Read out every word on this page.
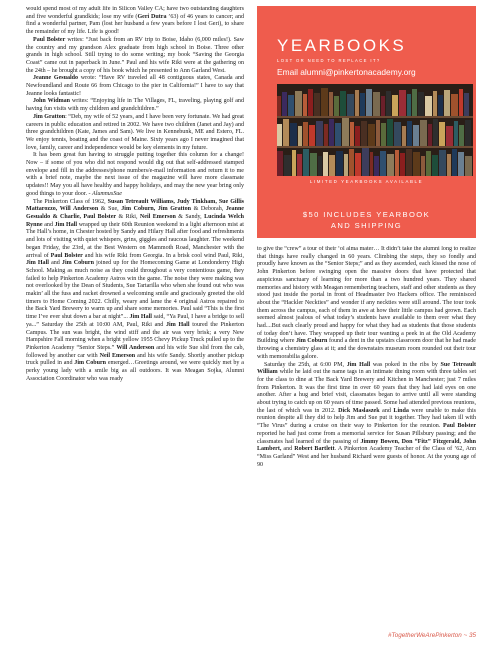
would spend most of my adult life in Silicon Valley CA; have two outstanding daughters and five wonderful grandkids; lose my wife (Geri Dutra ’63) of 46 years to cancer; and find a wonderful partner, Pam (lost her husband a few years before I lost Geri), to share the remainder of my life. Life is good!

Paul Bolster writes: “Just back from an RV trip to Boise, Idaho (6,000 miles!). Saw the country and my grandson Alex graduate from high school in Boise. Three other grands in high school. Still trying to do some writing; my book “Saving the Georgia Coast” came out in paperback in June.” Paul and his wife Riki were at the gathering on the 24th – he brought a copy of his book which he presented to Ann Garland West.

Jeanne Gesualdo wrote: “Have RV traveled all 48 contiguous states, Canada and Newfoundland and Route 66 from Chicago to the pier in California!” I have to say that Jeanne looks fantastic!

John Widman writes: “Enjoying life in The Villages, FL, traveling, playing golf and having fun visits with my children and grandchildren.”

Jim Gratton: “Deb, my wife of 52 years, and I have been very fortunate. We had great careers in public education and retired in 2002. We have two children (Janet and Jay) and three grandchildren (Kate, James and Sam). We live in Kennebunk, ME and Estero, FL. We enjoy tennis, boating and the coast of Maine. Sixty years ago I never imagined that love, family, career and independence would be key elements in my future.

It has been great fun having to struggle putting together this column for a change! Now – if some of you who did not respond would dig out that self-addressed stamped envelope and fill in the addresses/phone numbers/e-mail information and return it to me with a brief note, maybe the next issue of the magazine will have more classmate updates!! May you all have healthy and happy holidays, and may the new year bring only good things to your door. - AlumnusSue

The Pinkerton Class of 1962, Susan Tetreault Williams, Judy Tinkham, Sue Gillis Mattarozzo, Will Anderson & Sue, Jim Coburn, Jim Gratton & Deborah, Jeanne Gesualdo & Charlie, Paul Bolster & Riki, Neil Emerson & Sandy, Lucinda Welch Rynne and Jim Hall wrapped up their 60th Reunion weekend in a light afternoon mist at The Hall’s home, in Chester hosted by Sandy and Hilary Hall after food and refreshments and lots of visiting with quiet whispers, grins, giggles and raucous laughter. The weekend began Friday, the 23rd, at the Best Western on Mammoth Road, Manchester with the arrival of Paul Bolster and his wife Riki from Georgia. In a brisk cool wind Paul, Riki, Jim Hall and Jim Coburn joined up for the Homecoming Game at Londonderry High School. Making as much noise as they could throughout a very contentious game, they failed to help Pinkerton Academy Astros win the game. The noise they were making was not overlooked by the Dean of Students, Sue Tartarilla who when she found out who was makin’ all the fuss and racket drowned a welcoming smile and graciously greeted the old timers to Home Coming 2022. Chilly, weary and lame the 4 original Astros repaired to the Back Yard Brewery to warm up and share some memories. Paul said “This is the first time I’ve ever shut down a bar at night”... Jim Hall said, “Ya Paul, I have a bridge to sell ya...” Saturday the 25th at 10:00 AM, Paul, Riki and Jim Hall toured the Pinkerton Campus. The sun was bright, the wind stiff and the air was very brisk; a very New Hampshire Fall morning when a bright yellow 1955 Chevy Pickup Truck pulled up to the Pinkerton Academy “Senior Steps.” Will Anderson and his wife Sue slid from the cab, followed by another car with Neil Emerson and his wife Sandy. Shortly another pickup truck pulled in and Jim Coburn emerged…Greetings around, we were quickly met by a perky young lady with a smile big as all outdoors. It was Meagan Sojka, Alumni Association Coordinator who was ready

YEARBOOKS
LOST OR NEED TO REPLACE IT?
Email alumni@pinkertonacademy.org
LIMITED YEARBOOKS AVAILABLE
$50 INCLUDES YEARBOOK
AND SHIPPING

to give the “crew” a tour of their ‘ol alma mater… It didn’t take the alumni long to realize that things have really changed in 60 years. Climbing the steps, they so fondly and proudly have known as the “Senior Steps;” and as they ascended, each kissed the nose of John Pinkerton before swinging open the massive doors that have protected that auspicious sanctuary of learning for more than a two hundred years. They shared memories and history with Meagan remembering teachers, staff and other students as they stood just inside the portal in front of Headmaster Ivo Hackers office. The reminisced about the “Hackler Neckties” and wonder if any neckties were still around. The tour took them across the campus, each of them in awe at how their little campus had grown. Each seemed almost jealous of what today’s students have available to them over what they had....But each clearly proud and happy for what they had as students that those students of today don’t have. They wrapped up their tour wanting a peek in at the Old Academy Building where Jim Coburn found a dent in the upstairs classroom door that he had made throwing a chemistry glass at it; and the downstairs museum room rounded out their tour with memorabilia galore.

Saturday the 25th, at 6:00 PM, Jim Hall was poked in the ribs by Sue Tetreault William while he laid out the name tags in an intimate dining room with three tables set for the class to dine at The Back Yard Brewery and Kitchen in Manchester; just 7 miles from Pinkerton. It was the first time in over 60 years that they had laid eyes on one another. After a hug and brief visit, classmates began to arrive until all were standing about trying to catch up on 60 years of time passed. Some had attended previous reunions, the last of which was in 2012. Dick Maslaszek and Linda were unable to make this reunion despite all they did to help Jim and Sue put it together. They had taken ill with “The Virus” during a cruise on their way to Pinkerton for the reunion. Paul Bolster reported he had just come from a memorial service for Susan Pillsbury passing; and the classmates had learned of the passing of Jimmy Bowen, Don “Fitz” Fitzgerald, John Lambert, and Robert Bartlett. A Pinkerton Academy Teacher of the Class of ’62, Ann “Miss Garland” West and her husband Richard were guests of honor. At the young age of 90

#TogetherWeArePinkerton ~ 35
